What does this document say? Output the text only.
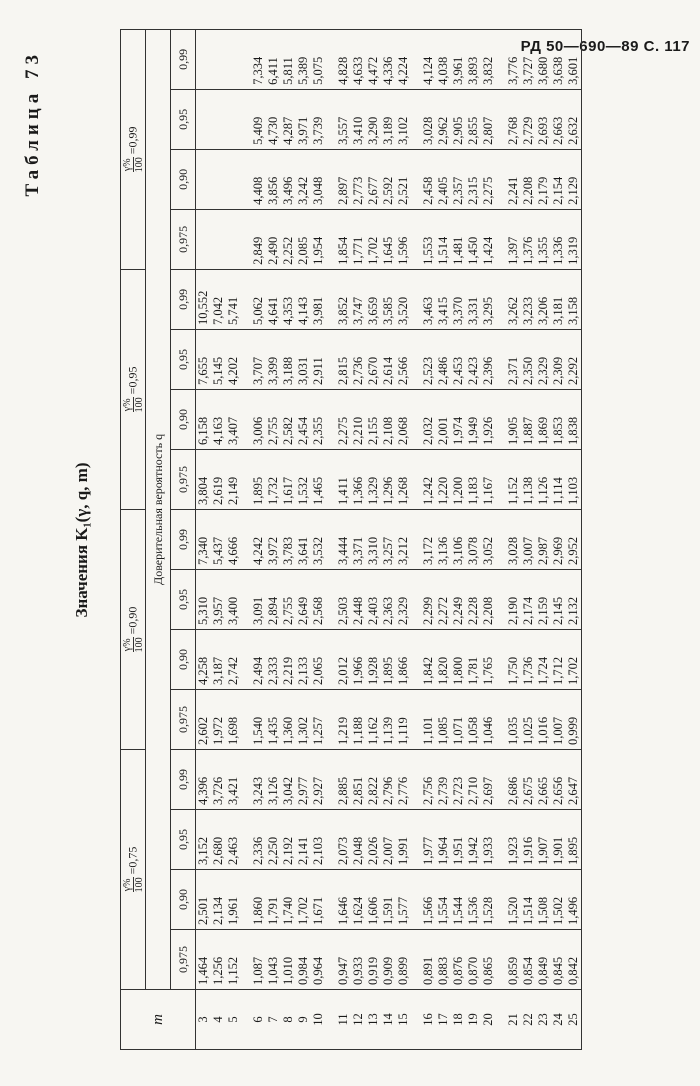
РД 50—690—89 С. 117
Таблица 73
Значения K₁(γ, q, m)
m	γ% 100
=0,75				γ% 100
=0,90				γ% 100
=0,95				γ% 100
=0,99			
	Доверительная вероятность q															
	0,975	0,90	0,95	0,99	0,975	0,90	0,95	0,99	0,975	0,90	0,95	0,99	0,975	0,90	0,95	0,99
3	1,464	2,501	3,152	4,396	2,602	4,258	5,310	7,340	3,804	6,158	7,655	10,552				
4	1,256	2,134	2,680	3,726	1,972	3,187	3,957	5,437	2,619	4,163	5,145	7,042				
5	1,152	1,961	2,463	3,421	1,698	2,742	3,400	4,666	2,149	3,407	4,202	5,741				

6	1,087	1,860	2,336	3,243	1,540	2,494	3,091	4,242	1,895	3,006	3,707	5,062	2,849	4,408	5,409	7,334
7	1,043	1,791	2,250	3,126	1,435	2,333	2,894	3,972	1,732	2,755	3,399	4,641	2,490	3,856	4,730	6,411
8	1,010	1,740	2,192	3,042	1,360	2,219	2,755	3,783	1,617	2,582	3,188	4,353	2,252	3,496	4,287	5,811
9	0,984	1,702	2,141	2,977	1,302	2,133	2,649	3,641	1,532	2,454	3,031	4,143	2,085	3,242	3,971	5,389
10	0,964	1,671	2,103	2,927	1,257	2,065	2,568	3,532	1,465	2,355	2,911	3,981	1,954	3,048	3,739	5,075

11	0,947	1,646	2,073	2,885	1,219	2,012	2,503	3,444	1,411	2,275	2,815	3,852	1,854	2,897	3,557	4,828
12	0,933	1,624	2,048	2,851	1,188	1,966	2,448	3,371	1,366	2,210	2,736	3,747	1,771	2,773	3,410	4,633
13	0,919	1,606	2,026	2,822	1,162	1,928	2,403	3,310	1,329	2,155	2,670	3,659	1,702	2,677	3,290	4,472
14	0,909	1,591	2,007	2,796	1,139	1,895	2,363	3,257	1,296	2,108	2,614	3,585	1,645	2,592	3,189	4,336
15	0,899	1,577	1,991	2,776	1,119	1,866	2,329	3,212	1,268	2,068	2,566	3,520	1,596	2,521	3,102	4,224

16	0,891	1,566	1,977	2,756	1,101	1,842	2,299	3,172	1,242	2,032	2,523	3,463	1,553	2,458	3,028	4,124
17	0,883	1,554	1,964	2,739	1,085	1,820	2,272	3,136	1,220	2,001	2,486	3,415	1,514	2,405	2,962	4,038
18	0,876	1,544	1,951	2,723	1,071	1,800	2,249	3,106	1,200	1,974	2,453	3,370	1,481	2,357	2,905	3,961
19	0,870	1,536	1,942	2,710	1,058	1,781	2,228	3,078	1,183	1,949	2,423	3,331	1,450	2,315	2,855	3,893
20	0,865	1,528	1,933	2,697	1,046	1,765	2,208	3,052	1,167	1,926	2,396	3,295	1,424	2,275	2,807	3,832

21	0,859	1,520	1,923	2,686	1,035	1,750	2,190	3,028	1,152	1,905	2,371	3,262	1,397	2,241	2,768	3,776
22	0,854	1,514	1,916	2,675	1,025	1,736	2,174	3,007	1,138	1,887	2,350	3,233	1,376	2,208	2,729	3,727
23	0,849	1,508	1,907	2,665	1,016	1,724	2,159	2,987	1,126	1,869	2,329	3,206	1,355	2,179	2,693	3,680
24	0,845	1,502	1,901	2,656	1,007	1,712	2,145	2,969	1,114	1,853	2,309	3,181	1,336	2,154	2,663	3,638
25	0,842	1,496	1,895	2,647	0,999	1,702	2,132	2,952	1,103	1,838	2,292	3,158	1,319	2,129	2,632	3,601
